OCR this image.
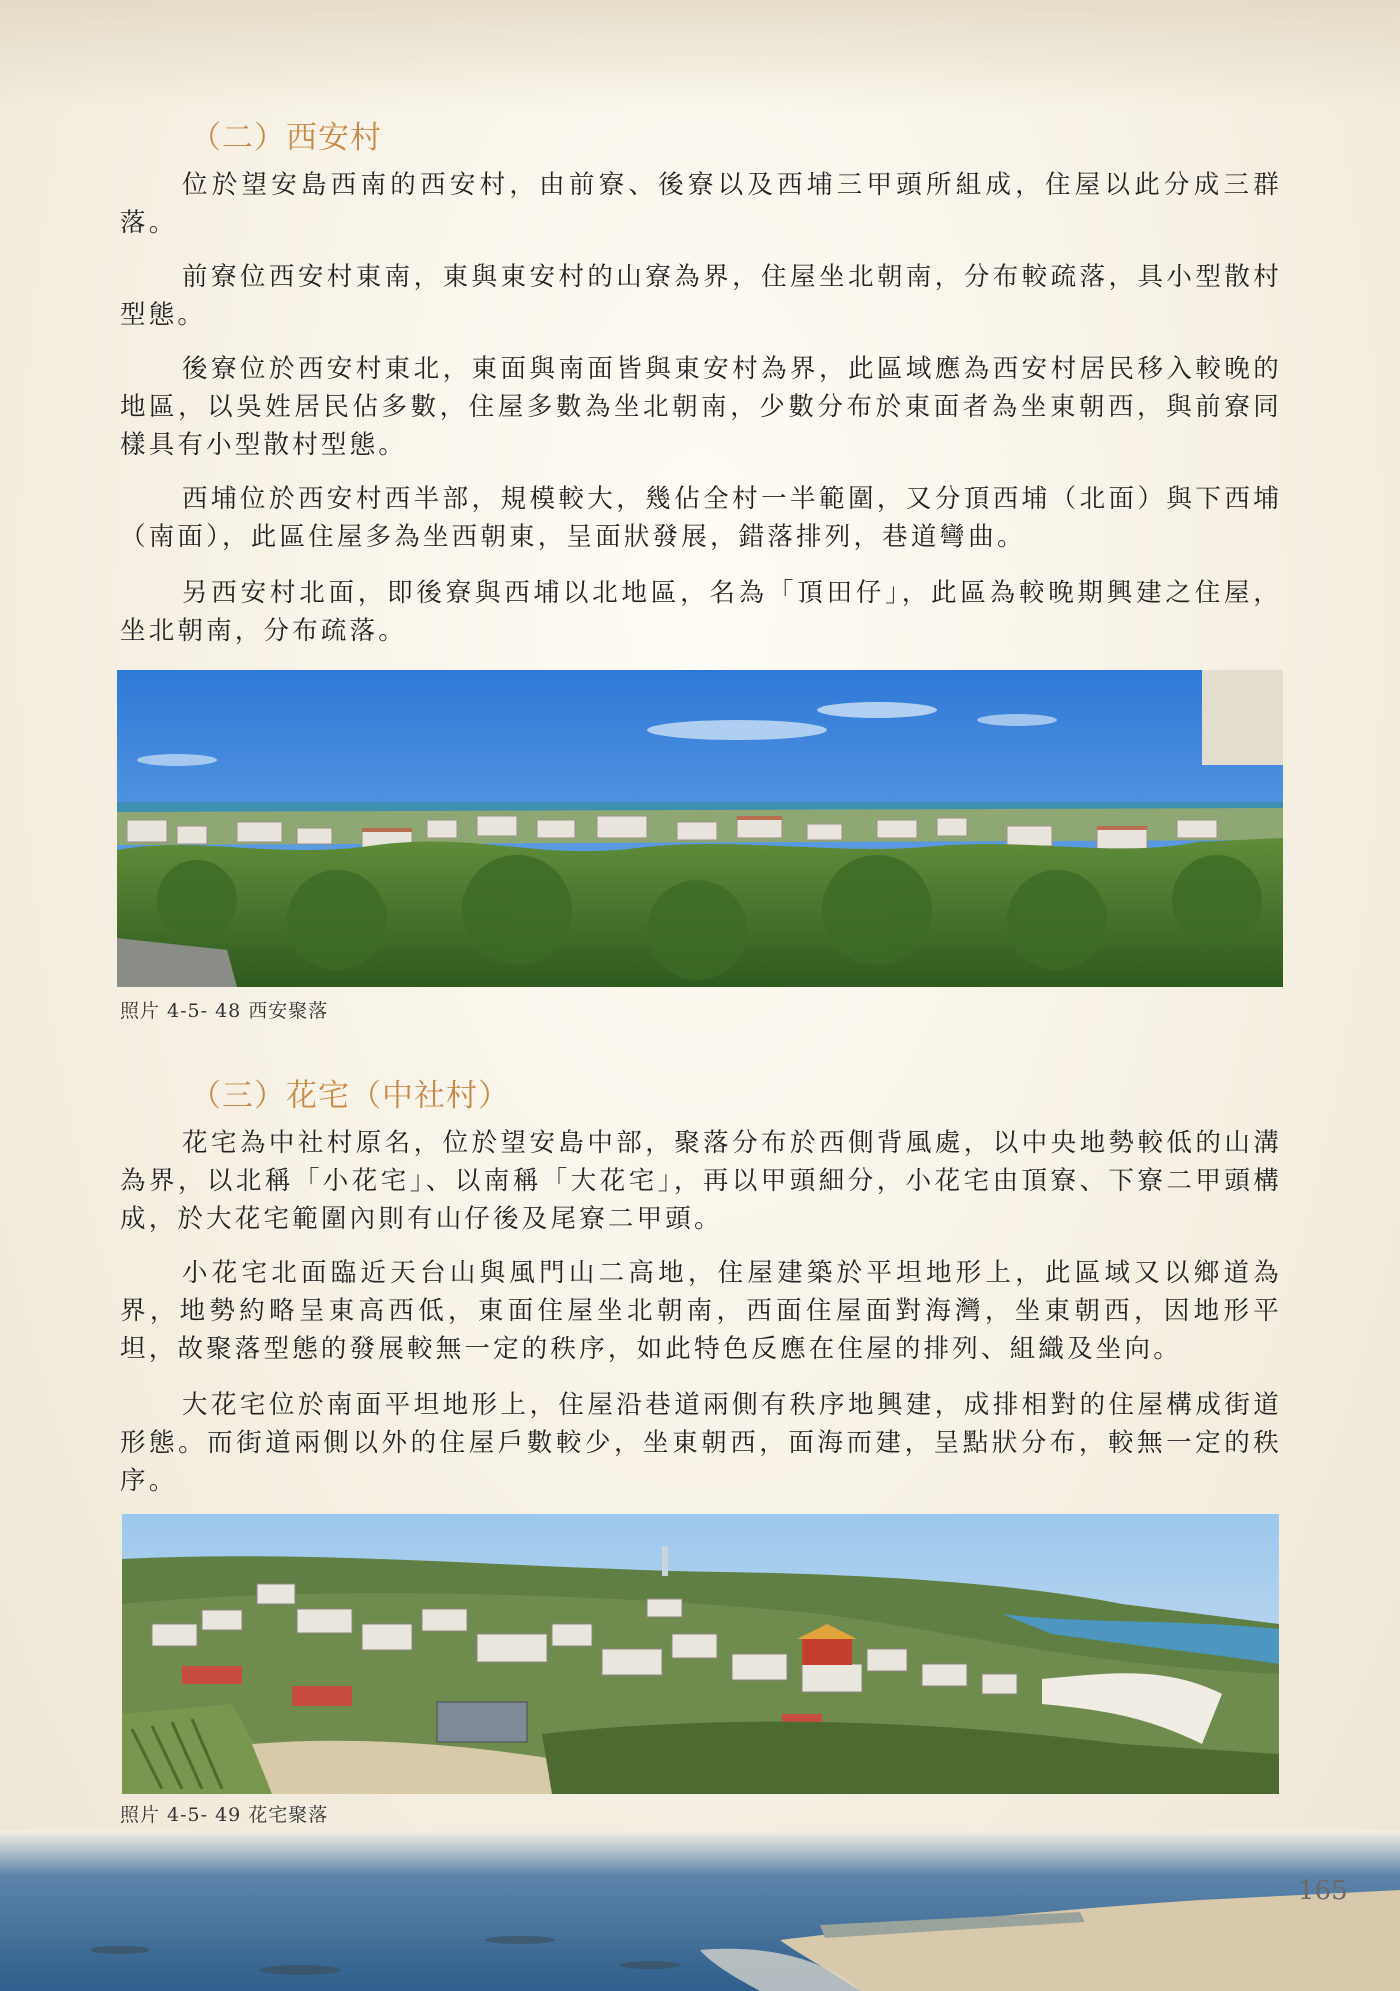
（二）西安村

位於望安島西南的西安村，由前寮、後寮以及西埔三甲頭所組成，住屋以此分成三群落。

前寮位西安村東南，東與東安村的山寮為界，住屋坐北朝南，分布較疏落，具小型散村型態。

後寮位於西安村東北，東面與南面皆與東安村為界，此區域應為西安村居民移入較晚的地區，以吳姓居民佔多數，住屋多數為坐北朝南，少數分布於東面者為坐東朝西，與前寮同樣具有小型散村型態。

西埔位於西安村西半部，規模較大，幾佔全村一半範圍，又分頂西埔（北面）與下西埔（南面），此區住屋多為坐西朝東，呈面狀發展，錯落排列，巷道彎曲。

另西安村北面，即後寮與西埔以北地區，名為「頂田仔」，此區為較晚期興建之住屋，坐北朝南，分布疏落。

照片 4-5- 48 西安聚落
（三）花宅（中社村）

花宅為中社村原名，位於望安島中部，聚落分布於西側背風處，以中央地勢較低的山溝為界，以北稱「小花宅」、以南稱「大花宅」，再以甲頭細分，小花宅由頂寮、下寮二甲頭構成，於大花宅範圍內則有山仔後及尾寮二甲頭。

小花宅北面臨近天台山與風門山二高地，住屋建築於平坦地形上，此區域又以鄉道為界，地勢約略呈東高西低，東面住屋坐北朝南，西面住屋面對海灣，坐東朝西，因地形平坦，故聚落型態的發展較無一定的秩序，如此特色反應在住屋的排列、組織及坐向。

大花宅位於南面平坦地形上，住屋沿巷道兩側有秩序地興建，成排相對的住屋構成街道形態。而街道兩側以外的住屋戶數較少，坐東朝西，面海而建，呈點狀分布，較無一定的秩序。

照片 4-5- 49 花宅聚落
165
